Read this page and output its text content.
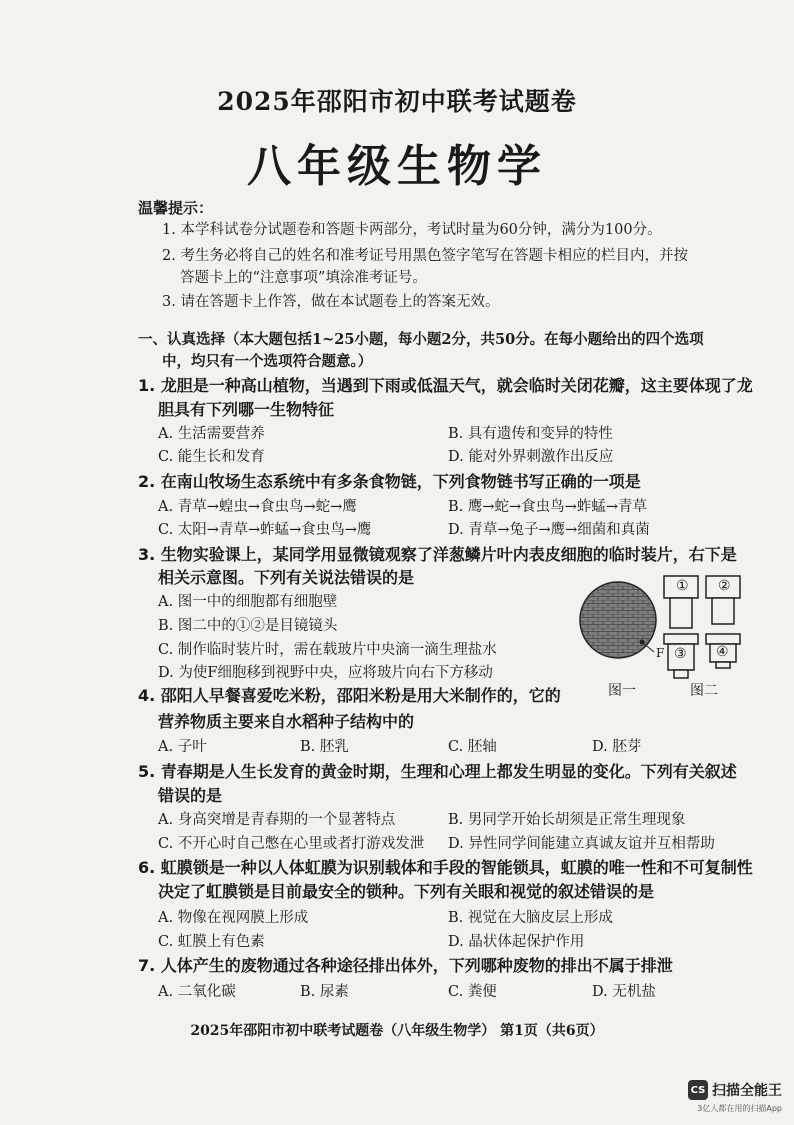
2025年邵阳市初中联考试题卷
八年级生物学
温馨提示：
1. 本学科试卷分试题卷和答题卡两部分，考试时量为60分钟，满分为100分。
2. 考生务必将自己的姓名和准考证号用黑色签字笔写在答题卡相应的栏目内，并按
答题卡上的“注意事项”填涂准考证号。
3. 请在答题卡上作答，做在本试题卷上的答案无效。
一、认真选择（本大题包括1~25小题，每小题2分，共50分。在每小题给出的四个选项
中，均只有一个选项符合题意。）
1. 龙胆是一种高山植物，当遇到下雨或低温天气，就会临时关闭花瓣，这主要体现了龙
胆具有下列哪一生物特征
A. 生活需要营养	B. 具有遗传和变异的特性
C. 能生长和发育	D. 能对外界刺激作出反应
2. 在南山牧场生态系统中有多条食物链，下列食物链书写正确的一项是
A. 青草→蝗虫→食虫鸟→蛇→鹰	B. 鹰→蛇→食虫鸟→蚱蜢→青草
C. 太阳→青草→蚱蜢→食虫鸟→鹰	D. 青草→兔子→鹰→细菌和真菌
3. 生物实验课上，某同学用显微镜观察了洋葱鳞片叶内表皮细胞的临时装片，右下是
相关示意图。下列有关说法错误的是
A. 图一中的细胞都有细胞壁
B. 图二中的①②是目镜镜头
C. 制作临时装片时，需在载玻片中央滴一滴生理盐水
D. 为使F细胞移到视野中央，应将玻片向右下方移动
① ②
③ ④
F
图一	图二
4. 邵阳人早餐喜爱吃米粉，邵阳米粉是用大米制作的，它的
营养物质主要来自水稻种子结构中的
A. 子叶	B. 胚乳	C. 胚轴	D. 胚芽
5. 青春期是人生长发育的黄金时期，生理和心理上都发生明显的变化。下列有关叙述
错误的是
A. 身高突增是青春期的一个显著特点	B. 男同学开始长胡须是正常生理现象
C. 不开心时自己憋在心里或者打游戏发泄 D. 异性同学间能建立真诚友谊并互相帮助
6. 虹膜锁是一种以人体虹膜为识别载体和手段的智能锁具，虹膜的唯一性和不可复制性
决定了虹膜锁是目前最安全的锁种。下列有关眼和视觉的叙述错误的是
A. 物像在视网膜上形成	B. 视觉在大脑皮层上形成
C. 虹膜上有色素	D. 晶状体起保护作用
7. 人体产生的废物通过各种途径排出体外，下列哪种废物的排出不属于排泄
A. 二氧化碳	B. 尿素	C. 粪便	D. 无机盐
2025年邵阳市初中联考试题卷（八年级生物学） 第1页（共6页）
CS 扫描全能王
3亿人都在用的扫描App
